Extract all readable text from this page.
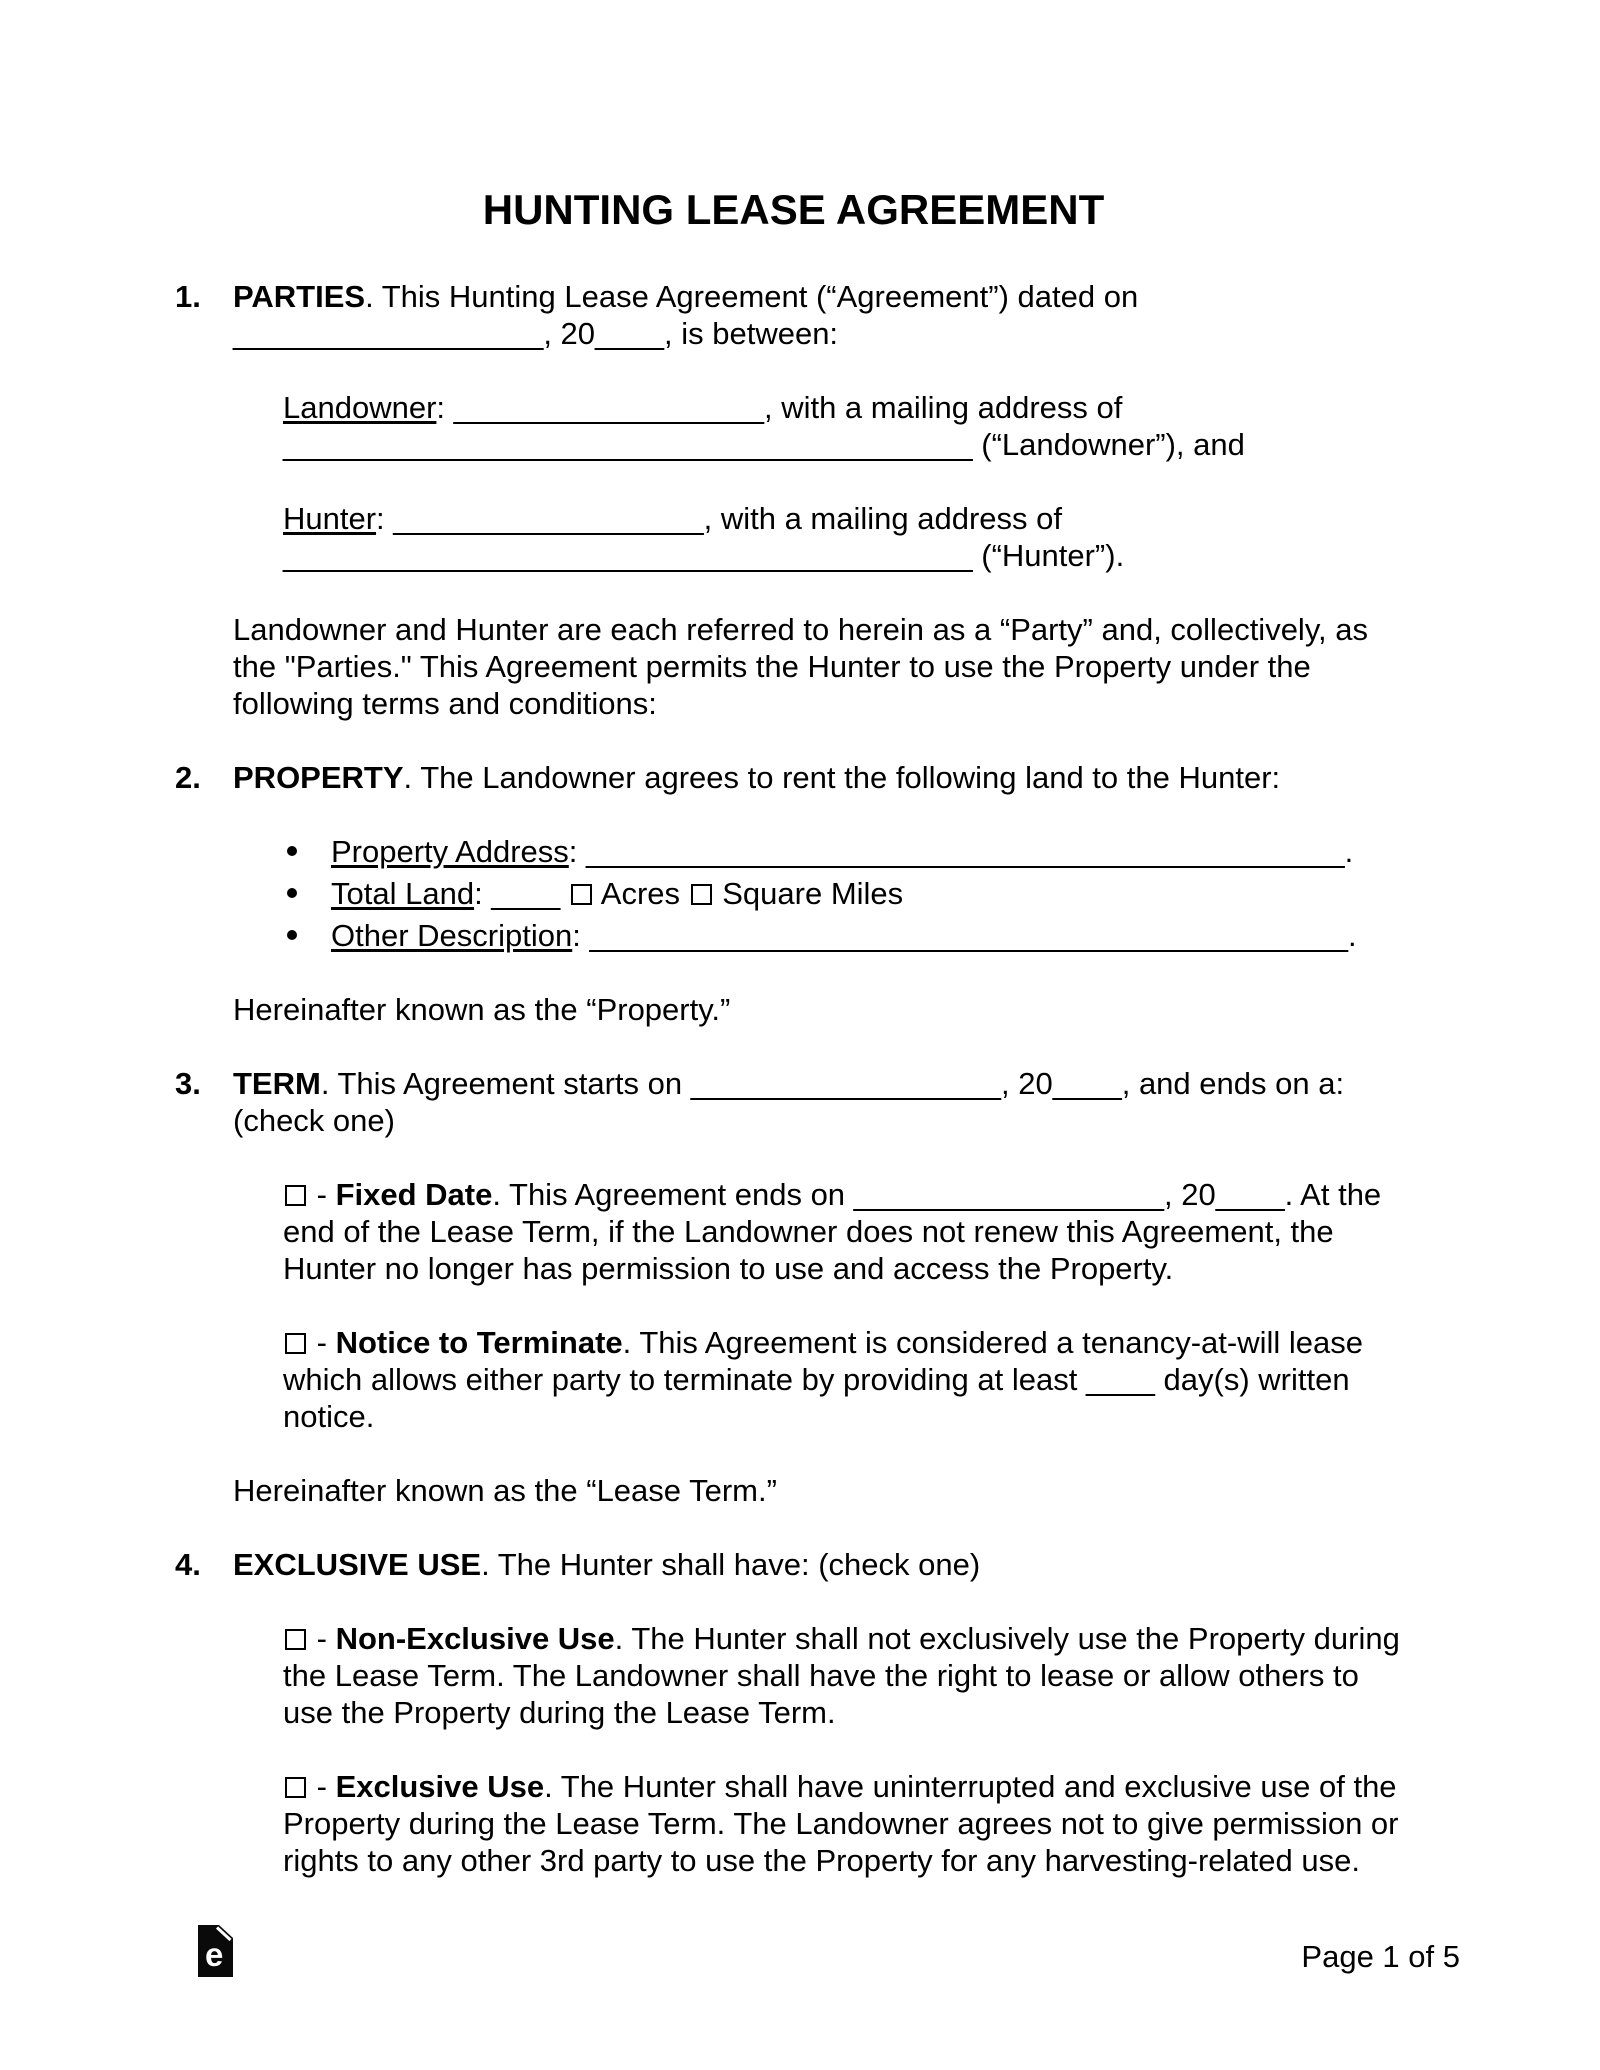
HUNTING LEASE AGREEMENT

1. PARTIES. This Hunting Lease Agreement (“Agreement”) dated on __________________, 20____, is between:

Landowner: __________________, with a mailing address of ________________________________________ (“Landowner”), and

Hunter: __________________, with a mailing address of ________________________________________ (“Hunter”).

Landowner and Hunter are each referred to herein as a “Party” and, collectively, as the "Parties." This Agreement permits the Hunter to use the Property under the following terms and conditions:

2. PROPERTY. The Landowner agrees to rent the following land to the Hunter:

Property Address: ____________________________________________.
Total Land: ____  Acres  Square Miles
Other Description: ____________________________________________.

Hereinafter known as the “Property.”

3. TERM. This Agreement starts on __________________, 20____, and ends on a:
(check one)

- Fixed Date. This Agreement ends on __________________, 20____. At the end of the Lease Term, if the Landowner does not renew this Agreement, the Hunter no longer has permission to use and access the Property.

- Notice to Terminate. This Agreement is considered a tenancy-at-will lease which allows either party to terminate by providing at least ____ day(s) written notice.

Hereinafter known as the “Lease Term.”

4. EXCLUSIVE USE. The Hunter shall have: (check one)

- Non-Exclusive Use. The Hunter shall not exclusively use the Property during the Lease Term. The Landowner shall have the right to lease or allow others to use the Property during the Lease Term.

- Exclusive Use. The Hunter shall have uninterrupted and exclusive use of the Property during the Lease Term. The Landowner agrees not to give permission or rights to any other 3rd party to use the Property for any harvesting-related use.

e	Page 1 of 5
